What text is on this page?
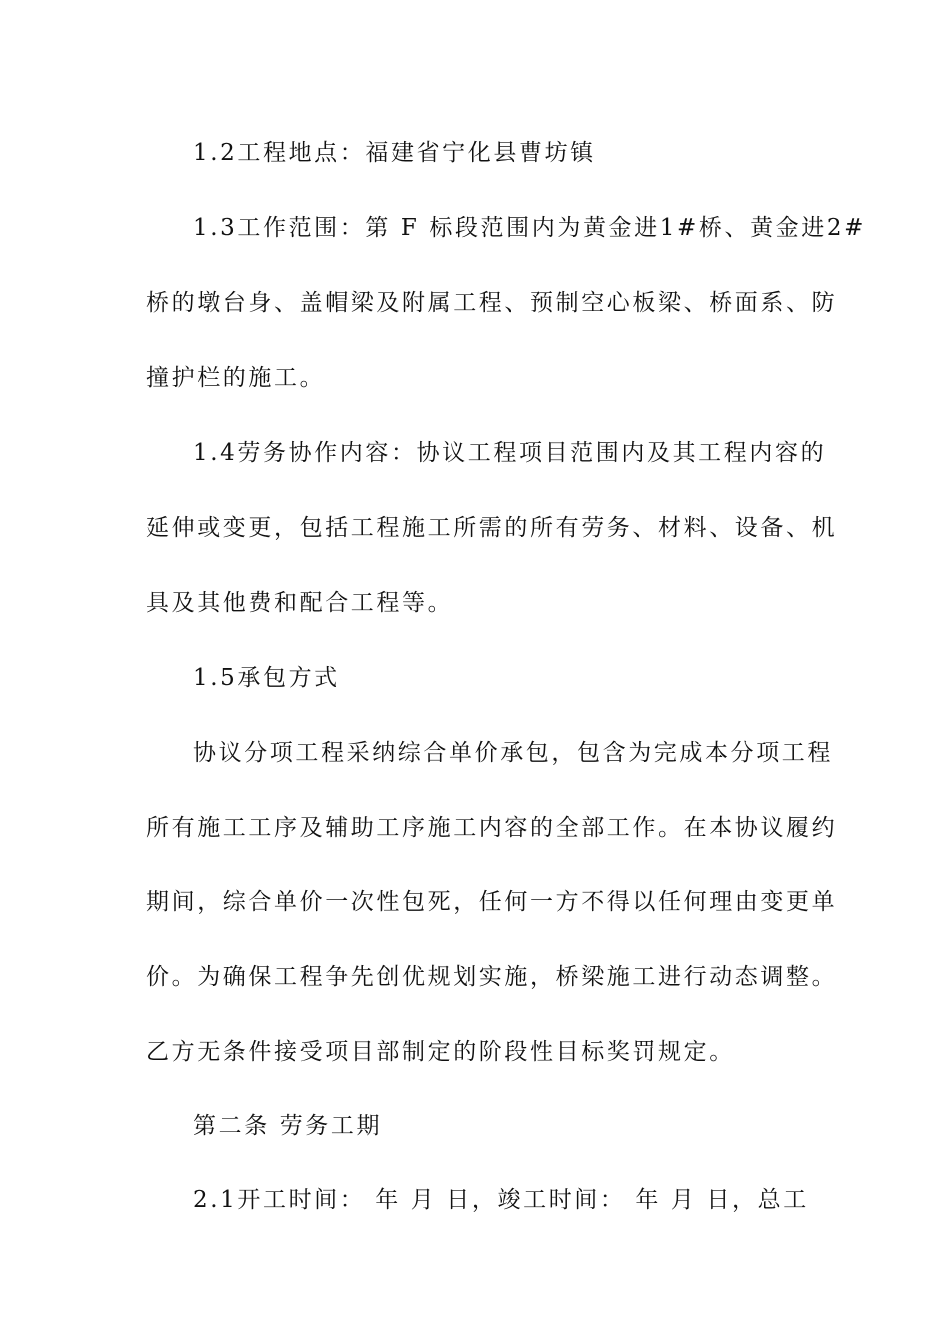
1.2工程地点：福建省宁化县曹坊镇
1.3工作范围：第 F 标段范围内为黄金进1#桥、黄金进2#
桥的墩台身、盖帽梁及附属工程、预制空心板梁、桥面系、防
撞护栏的施工。
1.4劳务协作内容：协议工程项目范围内及其工程内容的
延伸或变更，包括工程施工所需的所有劳务、材料、设备、机
具及其他费和配合工程等。
1.5承包方式
协议分项工程采纳综合单价承包，包含为完成本分项工程
所有施工工序及辅助工序施工内容的全部工作。在本协议履约
期间，综合单价一次性包死，任何一方不得以任何理由变更单
价。为确保工程争先创优规划实施，桥梁施工进行动态调整。
乙方无条件接受项目部制定的阶段性目标奖罚规定。
第二条 劳务工期
2.1开工时间： 年 月 日，竣工时间： 年 月 日，总工
